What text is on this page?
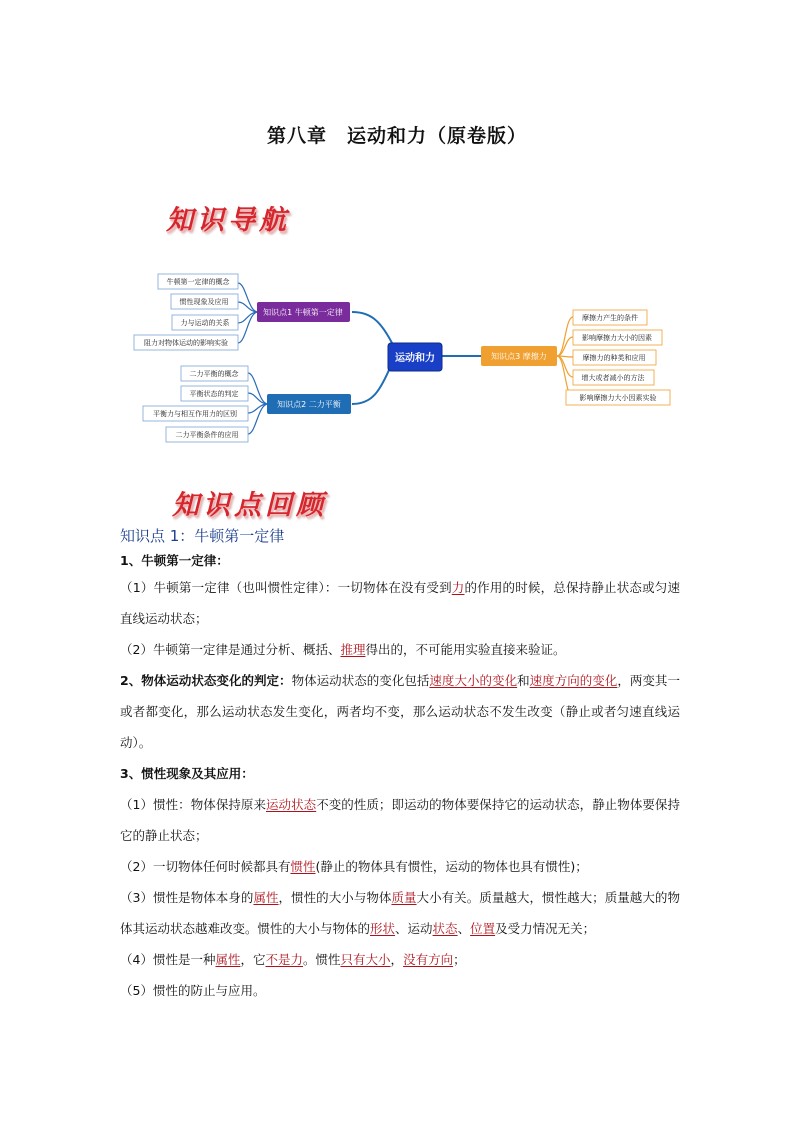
第八章　运动和力（原卷版）
知识导航
运动和力
知识点1 牛顿第一定律
牛顿第一定律的概念
惯性现象及应用
力与运动的关系
阻力对物体运动的影响实验
知识点2 二力平衡
二力平衡的概念
平衡状态的判定
平衡力与相互作用力的区别
二力平衡条件的应用
知识点3 摩擦力
摩擦力产生的条件
影响摩擦力大小的因素
摩擦力的种类和应用
增大或者减小的方法
影响摩擦力大小因素实验
知识点回顾
知识点 1：牛顿第一定律

1、牛顿第一定律：

（1）牛顿第一定律（也叫惯性定律）：一切物体在没有受到力的作用的时候，总保持静止状态或匀速直线运动状态；

（2）牛顿第一定律是通过分析、概括、推理得出的，不可能用实验直接来验证。

2、物体运动状态变化的判定：物体运动状态的变化包括速度大小的变化和速度方向的变化，两变其一或者都变化，那么运动状态发生变化，两者均不变，那么运动状态不发生改变（静止或者匀速直线运动）。

3、惯性现象及其应用：

（1）惯性：物体保持原来运动状态不变的性质；即运动的物体要保持它的运动状态，静止物体要保持它的静止状态；

（2）一切物体任何时候都具有惯性(静止的物体具有惯性，运动的物体也具有惯性)；

（3）惯性是物体本身的属性，惯性的大小与物体质量大小有关。质量越大，惯性越大；质量越大的物体其运动状态越难改变。惯性的大小与物体的形状、运动状态、位置及受力情况无关；

（4）惯性是一种属性，它不是力。惯性只有大小，没有方向；

（5）惯性的防止与应用。
